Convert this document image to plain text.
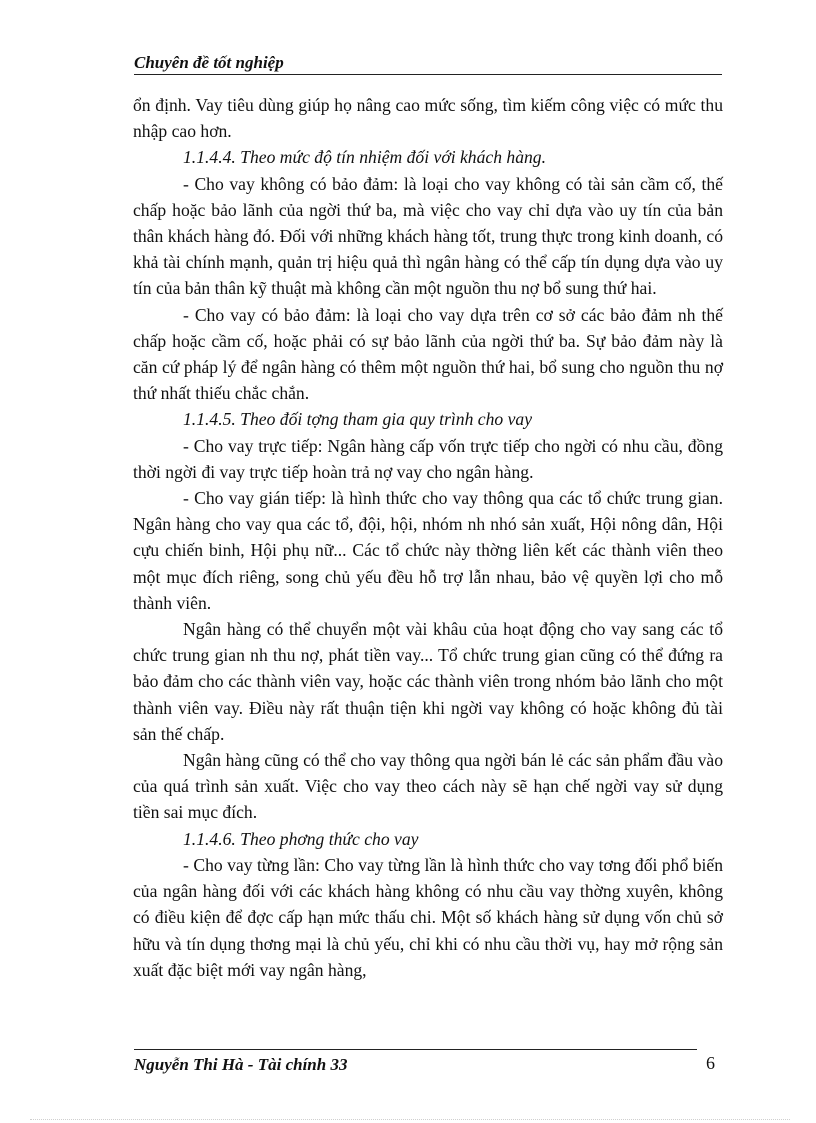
Chuyên đề tốt nghiệp

ổn định. Vay tiêu dùng giúp họ nâng cao mức sống, tìm kiếm công việc có mức thu nhập cao hơn.

1.1.4.4. Theo mức độ tín nhiệm đối với khách hàng.

- Cho vay không có bảo đảm: là loại cho vay không có tài sản cầm cố, thế chấp hoặc bảo lãnh của ngời thứ ba, mà việc cho vay chỉ dựa vào uy tín của bản thân khách hàng đó. Đối với những khách hàng tốt, trung thực trong kinh doanh, có khả tài chính mạnh, quản trị hiệu quả thì ngân hàng có thể cấp tín dụng dựa vào uy tín của bản thân kỹ thuật mà không cần một nguồn thu nợ bổ sung thứ hai.

- Cho vay có bảo đảm: là loại cho vay dựa trên cơ sở các bảo đảm nh thế chấp hoặc cầm cố, hoặc phải có sự bảo lãnh của ngời thứ ba. Sự bảo đảm này là căn cứ pháp lý để ngân hàng có thêm một nguồn thứ hai, bổ sung cho nguồn thu nợ thứ nhất thiếu chắc chắn.

1.1.4.5. Theo đối tợng tham gia quy trình cho vay

- Cho vay trực tiếp: Ngân hàng cấp vốn trực tiếp cho ngời có nhu cầu, đồng thời ngời đi vay trực tiếp hoàn trả nợ vay cho ngân hàng.

- Cho vay gián tiếp: là hình thức cho vay thông qua các tổ chức trung gian. Ngân hàng cho vay qua các tổ, đội, hội, nhóm nh nhó sản xuất, Hội nông dân, Hội cựu chiến binh, Hội phụ nữ... Các tổ chức này thờng liên kết các thành viên theo một mục đích riêng, song chủ yếu đều hỗ trợ lẫn nhau, bảo vệ quyền lợi cho mỗ thành viên.

Ngân hàng có thể chuyển một vài khâu của hoạt động cho vay sang các tổ chức trung gian nh thu nợ, phát tiền vay... Tổ chức trung gian cũng có thể đứng ra bảo đảm cho các thành viên vay, hoặc các thành viên trong nhóm bảo lãnh cho một thành viên vay. Điều này rất thuận tiện khi ngời vay không có hoặc không đủ tài sản thế chấp.

Ngân hàng cũng có thể cho vay thông qua ngời bán lẻ các sản phẩm đầu vào của quá trình sản xuất. Việc cho vay theo cách này sẽ hạn chế ngời vay sử dụng tiền sai mục đích.

1.1.4.6. Theo phơng thức cho vay

- Cho vay từng lần: Cho vay từng lần là hình thức cho vay tơng đối phổ biến của ngân hàng đối với các khách hàng không có nhu cầu vay thờng xuyên, không có điều kiện để đợc cấp hạn mức thấu chi. Một số khách hàng sử dụng vốn chủ sở hữu và tín dụng thơng mại là chủ yếu, chỉ khi có nhu cầu thời vụ, hay mở rộng sản xuất đặc biệt mới vay ngân hàng,

Nguyễn Thi Hà - Tài chính 33	6
